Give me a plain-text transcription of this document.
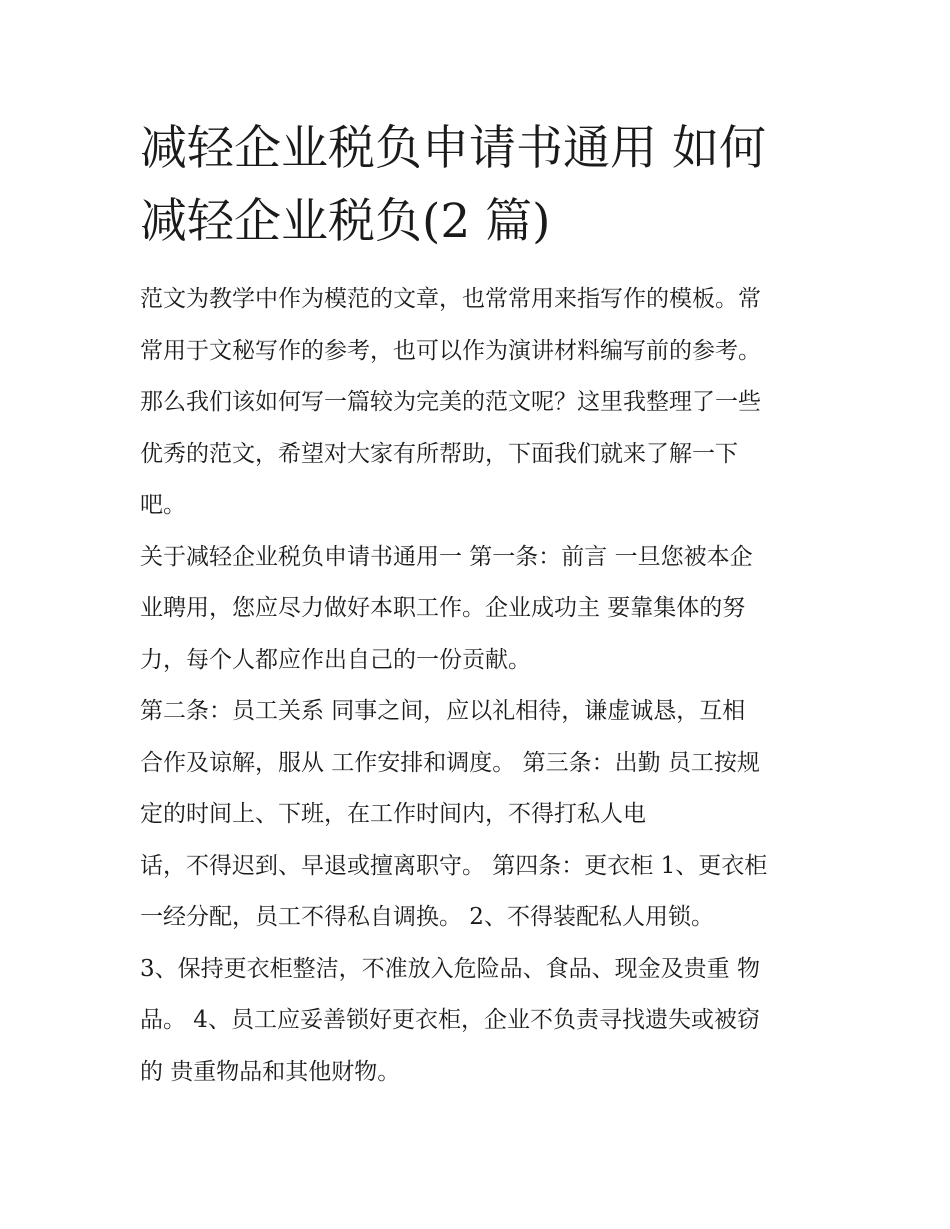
减轻企业税负申请书通用 如何
减轻企业税负(2 篇)
范文为教学中作为模范的文章，也常常用来指写作的模板。常
常用于文秘写作的参考，也可以作为演讲材料编写前的参考。
那么我们该如何写一篇较为完美的范文呢？这里我整理了一些
优秀的范文，希望对大家有所帮助，下面我们就来了解一下
吧。
关于减轻企业税负申请书通用一 第一条：前言 一旦您被本企
业聘用，您应尽力做好本职工作。企业成功主 要靠集体的努
力，每个人都应作出自己的一份贡献。
第二条：员工关系 同事之间，应以礼相待，谦虚诚恳，互相
合作及谅解，服从 工作安排和调度。 第三条：出勤 员工按规
定的时间上、下班，在工作时间内，不得打私人电
话，不得迟到、早退或擅离职守。 第四条：更衣柜 1、更衣柜
一经分配，员工不得私自调换。 2、不得装配私人用锁。
3、保持更衣柜整洁，不准放入危险品、食品、现金及贵重 物
品。 4、员工应妥善锁好更衣柜，企业不负责寻找遗失或被窃
的 贵重物品和其他财物。
